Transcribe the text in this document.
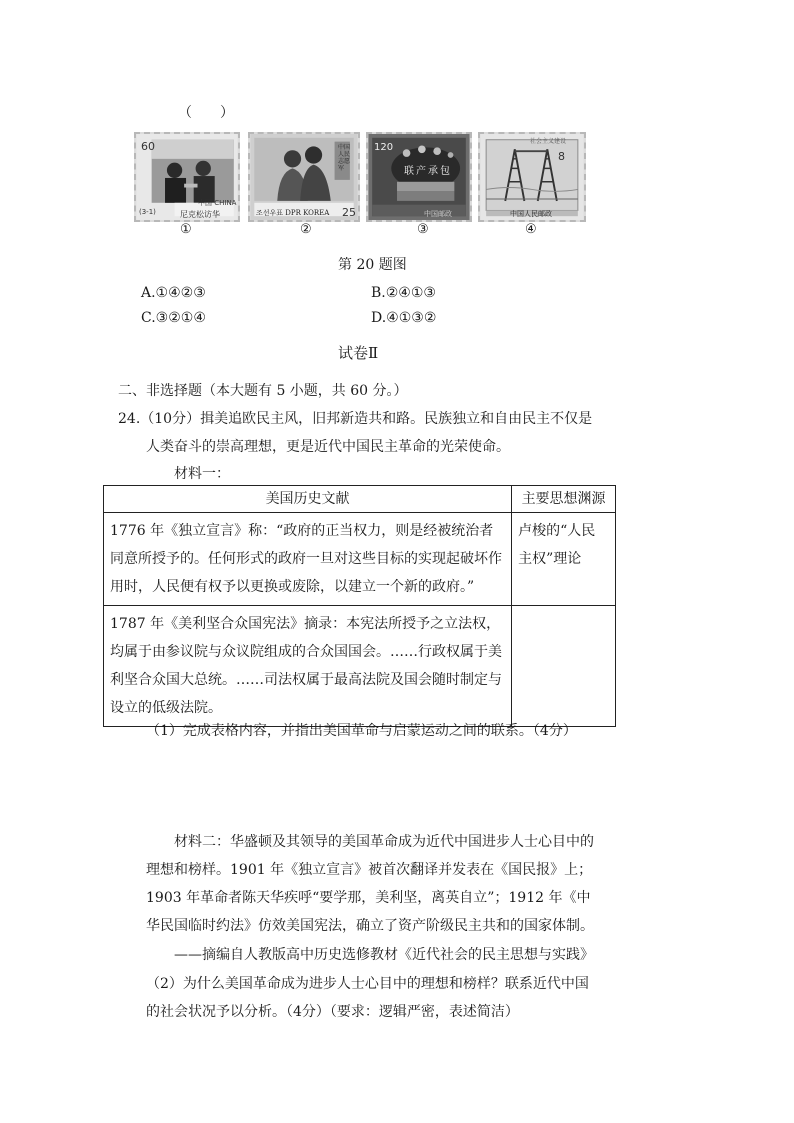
（　　）
60
(3-1)
中国 CHINA
尼克松访华	조선우표 DPR KOREA 25
中国人民志愿军
120
联产承包
中国邮政
8
中国人民邮政
社会主义建设
①	②	③	④
第 20 题图
A.①④②③	B.②④①③
C.③②①④	D.④①③②
试卷Ⅱ
二、非选择题（本大题有 5 小题，共 60 分。）
24.（10分）揖美追欧民主风，旧邦新造共和路。民族独立和自由民主不仅是
人类奋斗的崇高理想，更是近代中国民主革命的光荣使命。
材料一：
美国历史文献	主要思想渊源
1776 年《独立宣言》称：“政府的正当权力，则是经被统治者同意所授予的。任何形式的政府一旦对这些目标的实现起破坏作用时，人民便有权予以更换或废除，以建立一个新的政府。”	卢梭的“人民主权”理论
1787 年《美利坚合众国宪法》摘录：本宪法所授予之立法权，均属于由参议院与众议院组成的合众国国会。……行政权属于美利坚合众国大总统。……司法权属于最高法院及国会随时制定与设立的低级法院。	
（1）完成表格内容，并指出美国革命与启蒙运动之间的联系。（4分）
材料二：华盛顿及其领导的美国革命成为近代中国进步人士心目中的理想和榜样。1901 年《独立宣言》被首次翻译并发表在《国民报》上；1903 年革命者陈天华疾呼“要学那，美利坚，离英自立”；1912 年《中华民国临时约法》仿效美国宪法，确立了资产阶级民主共和的国家体制。
——摘编自人教版高中历史选修教材《近代社会的民主思想与实践》
（2）为什么美国革命成为进步人士心目中的理想和榜样？联系近代中国的社会状况予以分析。（4分）（要求：逻辑严密，表述简洁）
